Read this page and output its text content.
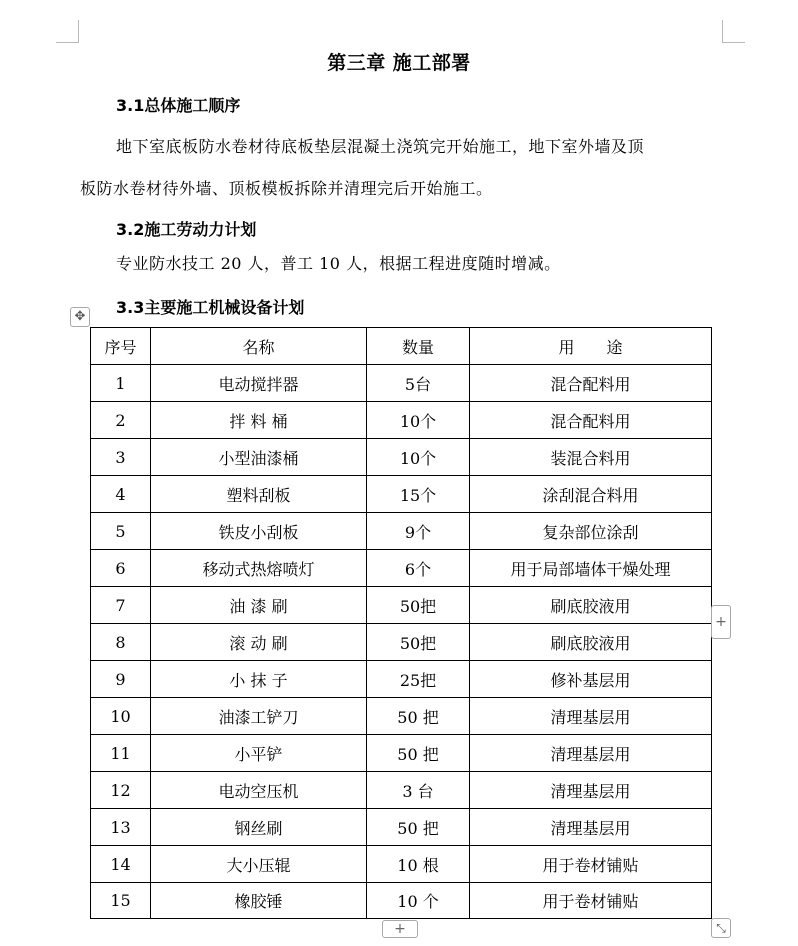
第三章 施工部署
3.1总体施工顺序
地下室底板防水卷材待底板垫层混凝土浇筑完开始施工，地下室外墙及顶
板防水卷材待外墙、顶板模板拆除并清理完后开始施工。
3.2施工劳动力计划
专业防水技工 20 人，普工 10 人，根据工程进度随时增减。
3.3主要施工机械设备计划
✥
序号	名称	数量	用　　途
1	电动搅拌器	5台	混合配料用
2	拌 料 桶	10个	混合配料用
3	小型油漆桶	10个	装混合料用
4	塑料刮板	15个	涂刮混合料用
5	铁皮小刮板	9个	复杂部位涂刮
6	移动式热熔喷灯	6个	用于局部墙体干燥处理
7	油 漆 刷	50把	刷底胶液用
8	滚 动 刷	50把	刷底胶液用
9	小 抹 子	25把	修补基层用
10	油漆工铲刀	50 把	清理基层用
11	小平铲	50 把	清理基层用
12	电动空压机	3 台	清理基层用
13	钢丝刷	50 把	清理基层用
14	大小压辊	10 根	用于卷材铺贴
15	橡胶锤	10 个	用于卷材铺贴
+
+	⤡
